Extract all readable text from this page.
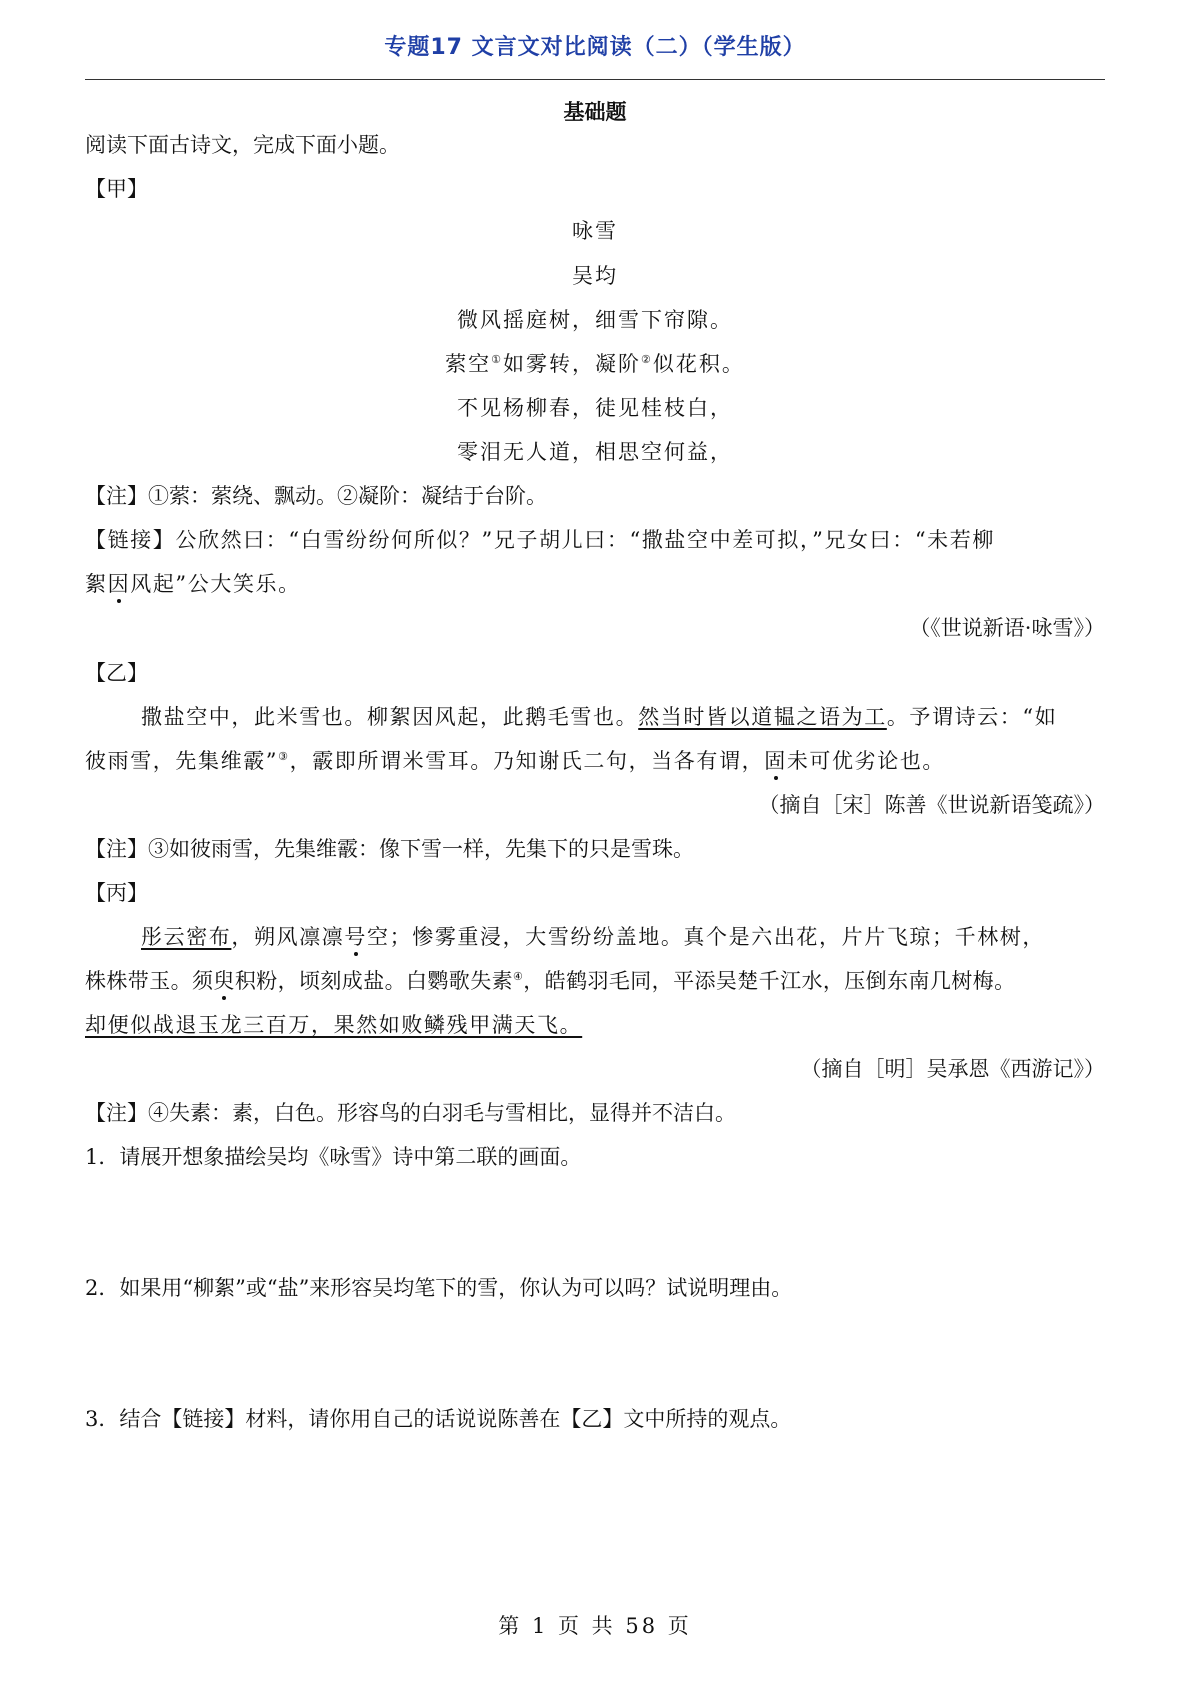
专题17 文言文对比阅读（二）（学生版）
基础题
阅读下面古诗文，完成下面小题。
【甲】
咏雪
吴均
微风摇庭树，细雪下帘隙。
萦空①如雾转，凝阶②似花积。
不见杨柳春，徒见桂枝白，
零泪无人道，相思空何益，
【注】①萦：萦绕、飘动。②凝阶：凝结于台阶。
【链接】公欣然曰：“白雪纷纷何所似？”兄子胡儿曰：“撒盐空中差可拟，”兄女曰：“未若柳
絮因风起”公大笑乐。
（《世说新语·咏雪》）
【乙】
撒盐空中，此米雪也。柳絮因风起，此鹅毛雪也。然当时皆以道韫之语为工。予谓诗云：“如
彼雨雪，先集维霰”③，霰即所谓米雪耳。乃知谢氏二句，当各有谓，固未可优劣论也。
（摘自［宋］陈善《世说新语笺疏》）
【注】③如彼雨雪，先集维霰：像下雪一样，先集下的只是雪珠。
【丙】
彤云密布，朔风凛凛号空；惨雾重浸，大雪纷纷盖地。真个是六出花，片片飞琼；千林树，
株株带玉。须臾积粉，顷刻成盐。白鹦歌失素④，皓鹤羽毛同，平添吴楚千江水，压倒东南几树梅。
却便似战退玉龙三百万，果然如败鳞残甲满天飞。
（摘自［明］吴承恩《西游记》）
【注】④失素：素，白色。形容鸟的白羽毛与雪相比，显得并不洁白。
1．请展开想象描绘吴均《咏雪》诗中第二联的画面。
2．如果用“柳絮”或“盐”来形容吴均笔下的雪，你认为可以吗？试说明理由。
3．结合【链接】材料，请你用自己的话说说陈善在【乙】文中所持的观点。
第 1 页 共 58 页
